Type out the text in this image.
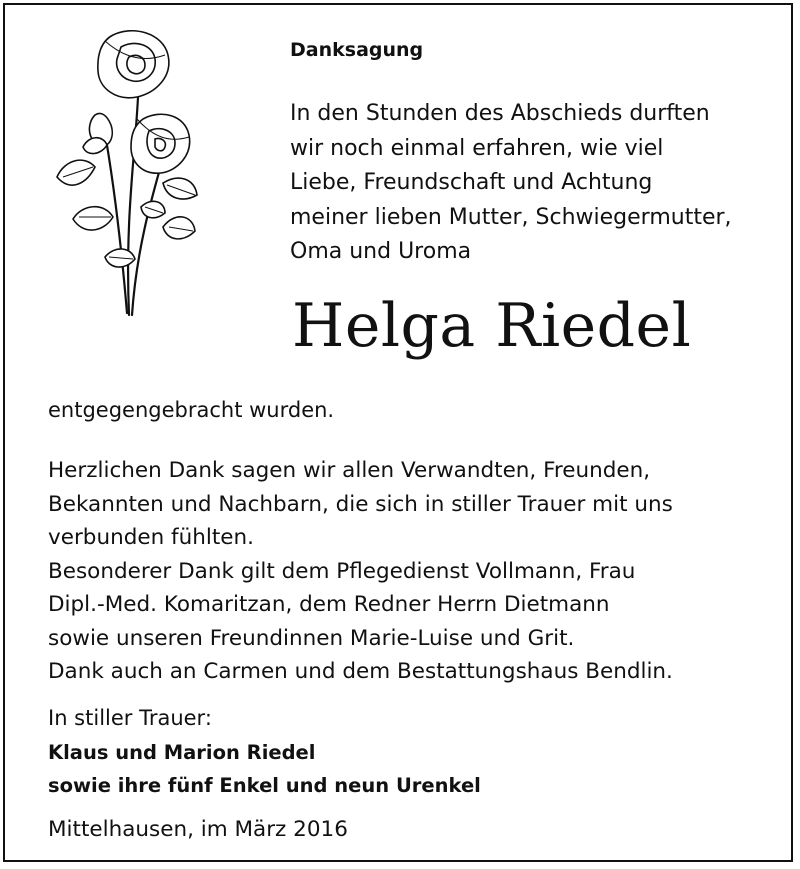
Danksagung
In den Stunden des Abschieds durften
wir noch einmal erfahren, wie viel
Liebe, Freundschaft und Achtung
meiner lieben Mutter, Schwiegermutter,
Oma und Uroma
Helga Riedel
entgegengebracht wurden.
Herzlichen Dank sagen wir allen Verwandten, Freunden,
Bekannten und Nachbarn, die sich in stiller Trauer mit uns
verbunden fühlten.
Besonderer Dank gilt dem Pflegedienst Vollmann, Frau
Dipl.-Med. Komaritzan, dem Redner Herrn Dietmann
sowie unseren Freundinnen Marie-Luise und Grit.
Dank auch an Carmen und dem Bestattungshaus Bendlin.
In stiller Trauer:
Klaus und Marion Riedel
sowie ihre fünf Enkel und neun Urenkel
Mittelhausen, im März 2016
